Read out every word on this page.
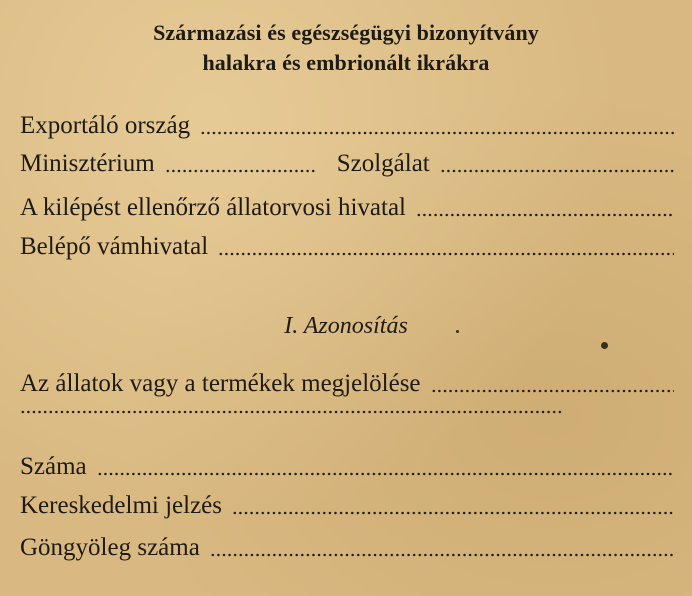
Származási és egészségügyi bizonyítvány
halakra és embrionált ikrákra
Exportáló ország
Minisztérium	Szolgálat
A kilépést ellenőrző állatorvosi hivatal
Belépő vámhivatal
I. Azonosítás
Az állatok vagy a termékek megjelölése
Száma
Kereskedelmi jelzés
Göngyöleg száma
